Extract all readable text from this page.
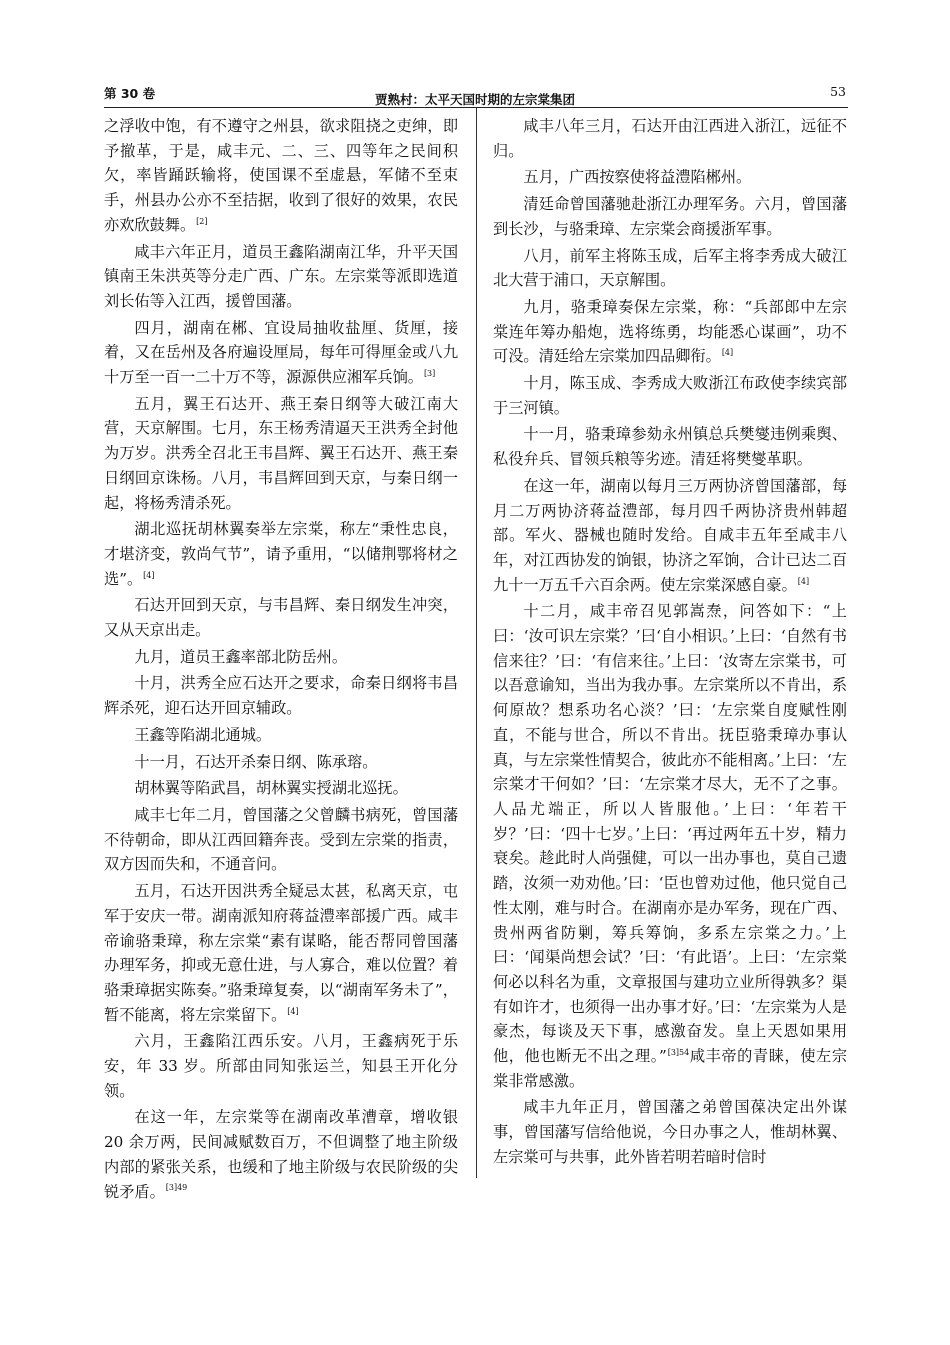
第 30 卷	贾熟村：太平天国时期的左宗棠集团
53

之浮收中饱，有不遵守之州县，欲求阻挠之吏绅，即予撤革，于是，咸丰元、二、三、四等年之民间积欠，率皆踊跃输将，使国课不至虚悬，军储不至束手，州县办公亦不至拮据，收到了很好的效果，农民亦欢欣鼓舞。[2]

咸丰六年正月，道员王鑫陷湖南江华，升平天国镇南王朱洪英等分走广西、广东。左宗棠等派即选道刘长佑等入江西，援曾国藩。

四月，湖南在郴、宜设局抽收盐厘、货厘，接着，又在岳州及各府遍设厘局，每年可得厘金或八九十万至一百一二十万不等，源源供应湘军兵饷。[3]

五月，翼王石达开、燕王秦日纲等大破江南大营，天京解围。七月，东王杨秀清逼天王洪秀全封他为万岁。洪秀全召北王韦昌辉、翼王石达开、燕王秦日纲回京诛杨。八月，韦昌辉回到天京，与秦日纲一起，将杨秀清杀死。

湖北巡抚胡林翼奏举左宗棠，称左“秉性忠良，才堪济变，敦尚气节”，请予重用，“以储荆鄂将材之选”。[4]

石达开回到天京，与韦昌辉、秦日纲发生冲突，又从天京出走。

九月，道员王鑫率部北防岳州。

十月，洪秀全应石达开之要求，命秦日纲将韦昌辉杀死，迎石达开回京辅政。

王鑫等陷湖北通城。

十一月，石达开杀秦日纲、陈承瑢。

胡林翼等陷武昌，胡林翼实授湖北巡抚。

咸丰七年二月，曾国藩之父曾麟书病死，曾国藩不待朝命，即从江西回籍奔丧。受到左宗棠的指责，双方因而失和，不通音问。

五月，石达开因洪秀全疑忌太甚，私离天京，屯军于安庆一带。湖南派知府蒋益澧率部援广西。咸丰帝谕骆秉璋，称左宗棠“素有谋略，能否帮同曾国藩办理军务，抑或无意仕进，与人寡合，难以位置？着骆秉璋据实陈奏。”骆秉璋复奏，以“湖南军务未了”，暂不能离，将左宗棠留下。[4]

六月，王鑫陷江西乐安。八月，王鑫病死于乐安，年 33 岁。所部由同知张运兰，知县王开化分领。

在这一年，左宗棠等在湖南改革漕章，增收银 20 余万两，民间减赋数百万，不但调整了地主阶级内部的紧张关系，也缓和了地主阶级与农民阶级的尖锐矛盾。$^{[3]49}$

咸丰八年三月，石达开由江西进入浙江，远征不归。

五月，广西按察使将益澧陷郴州。

清廷命曾国藩驰赴浙江办理军务。六月，曾国藩到长沙，与骆秉璋、左宗棠会商援浙军事。

八月，前军主将陈玉成，后军主将李秀成大破江北大营于浦口，天京解围。

九月，骆秉璋奏保左宗棠，称：“兵部郎中左宗棠连年筹办船炮，选将练勇，均能悉心谋画”，功不可没。清廷给左宗棠加四品卿衔。[4]

十月，陈玉成、李秀成大败浙江布政使李续宾部于三河镇。

十一月，骆秉璋参劾永州镇总兵樊燮违例乘舆、私役弁兵、冒领兵粮等劣迹。清廷将樊燮革职。

在这一年，湖南以每月三万两协济曾国藩部，每月二万两协济蒋益澧部，每月四千两协济贵州韩超部。军火、器械也随时发给。自咸丰五年至咸丰八年，对江西协发的饷银，协济之军饷，合计已达二百九十一万五千六百余两。使左宗棠深感自豪。[4]

十二月，咸丰帝召见郭嵩焘，问答如下：“上曰：‘汝可识左宗棠？’曰‘自小相识。’上曰：‘自然有书信来往？’曰：‘有信来往。’上曰：‘汝寄左宗棠书，可以吾意谕知，当出为我办事。左宗棠所以不肯出，系何原故？想系功名心淡？’曰：‘左宗棠自度赋性刚直，不能与世合，所以不肯出。抚臣骆秉璋办事认真，与左宗棠性情契合，彼此亦不能相离。’上曰：‘左宗棠才干何如？’曰：‘左宗棠才尽大，无不了之事。人品尤端正，所以人皆服他。’上曰：‘年若干岁？’曰：‘四十七岁。’上曰：‘再过两年五十岁，精力衰矣。趁此时人尚强健，可以一出办事也，莫自己遗踏，汝须一劝劝他。’曰：‘臣也曾劝过他，他只觉自己性太刚，难与时合。在湖南亦是办军务，现在广西、贵州两省防剿，筹兵筹饷，多系左宗棠之力。’上曰：‘闻渠尚想会试？’曰：‘有此语’。上曰：‘左宗棠何必以科名为重，文章报国与建功立业所得孰多？渠有如许才，也须得一出办事才好。’曰：‘左宗棠为人是豪杰，每谈及天下事，感激奋发。皇上天恩如果用他，他也断无不出之理。”$^{[3]54}$咸丰帝的青睐，使左宗棠非常感激。

咸丰九年正月，曾国藩之弟曾国葆决定出外谋事，曾国藩写信给他说，今日办事之人，惟胡林翼、左宗棠可与共事，此外皆若明若暗时信时
